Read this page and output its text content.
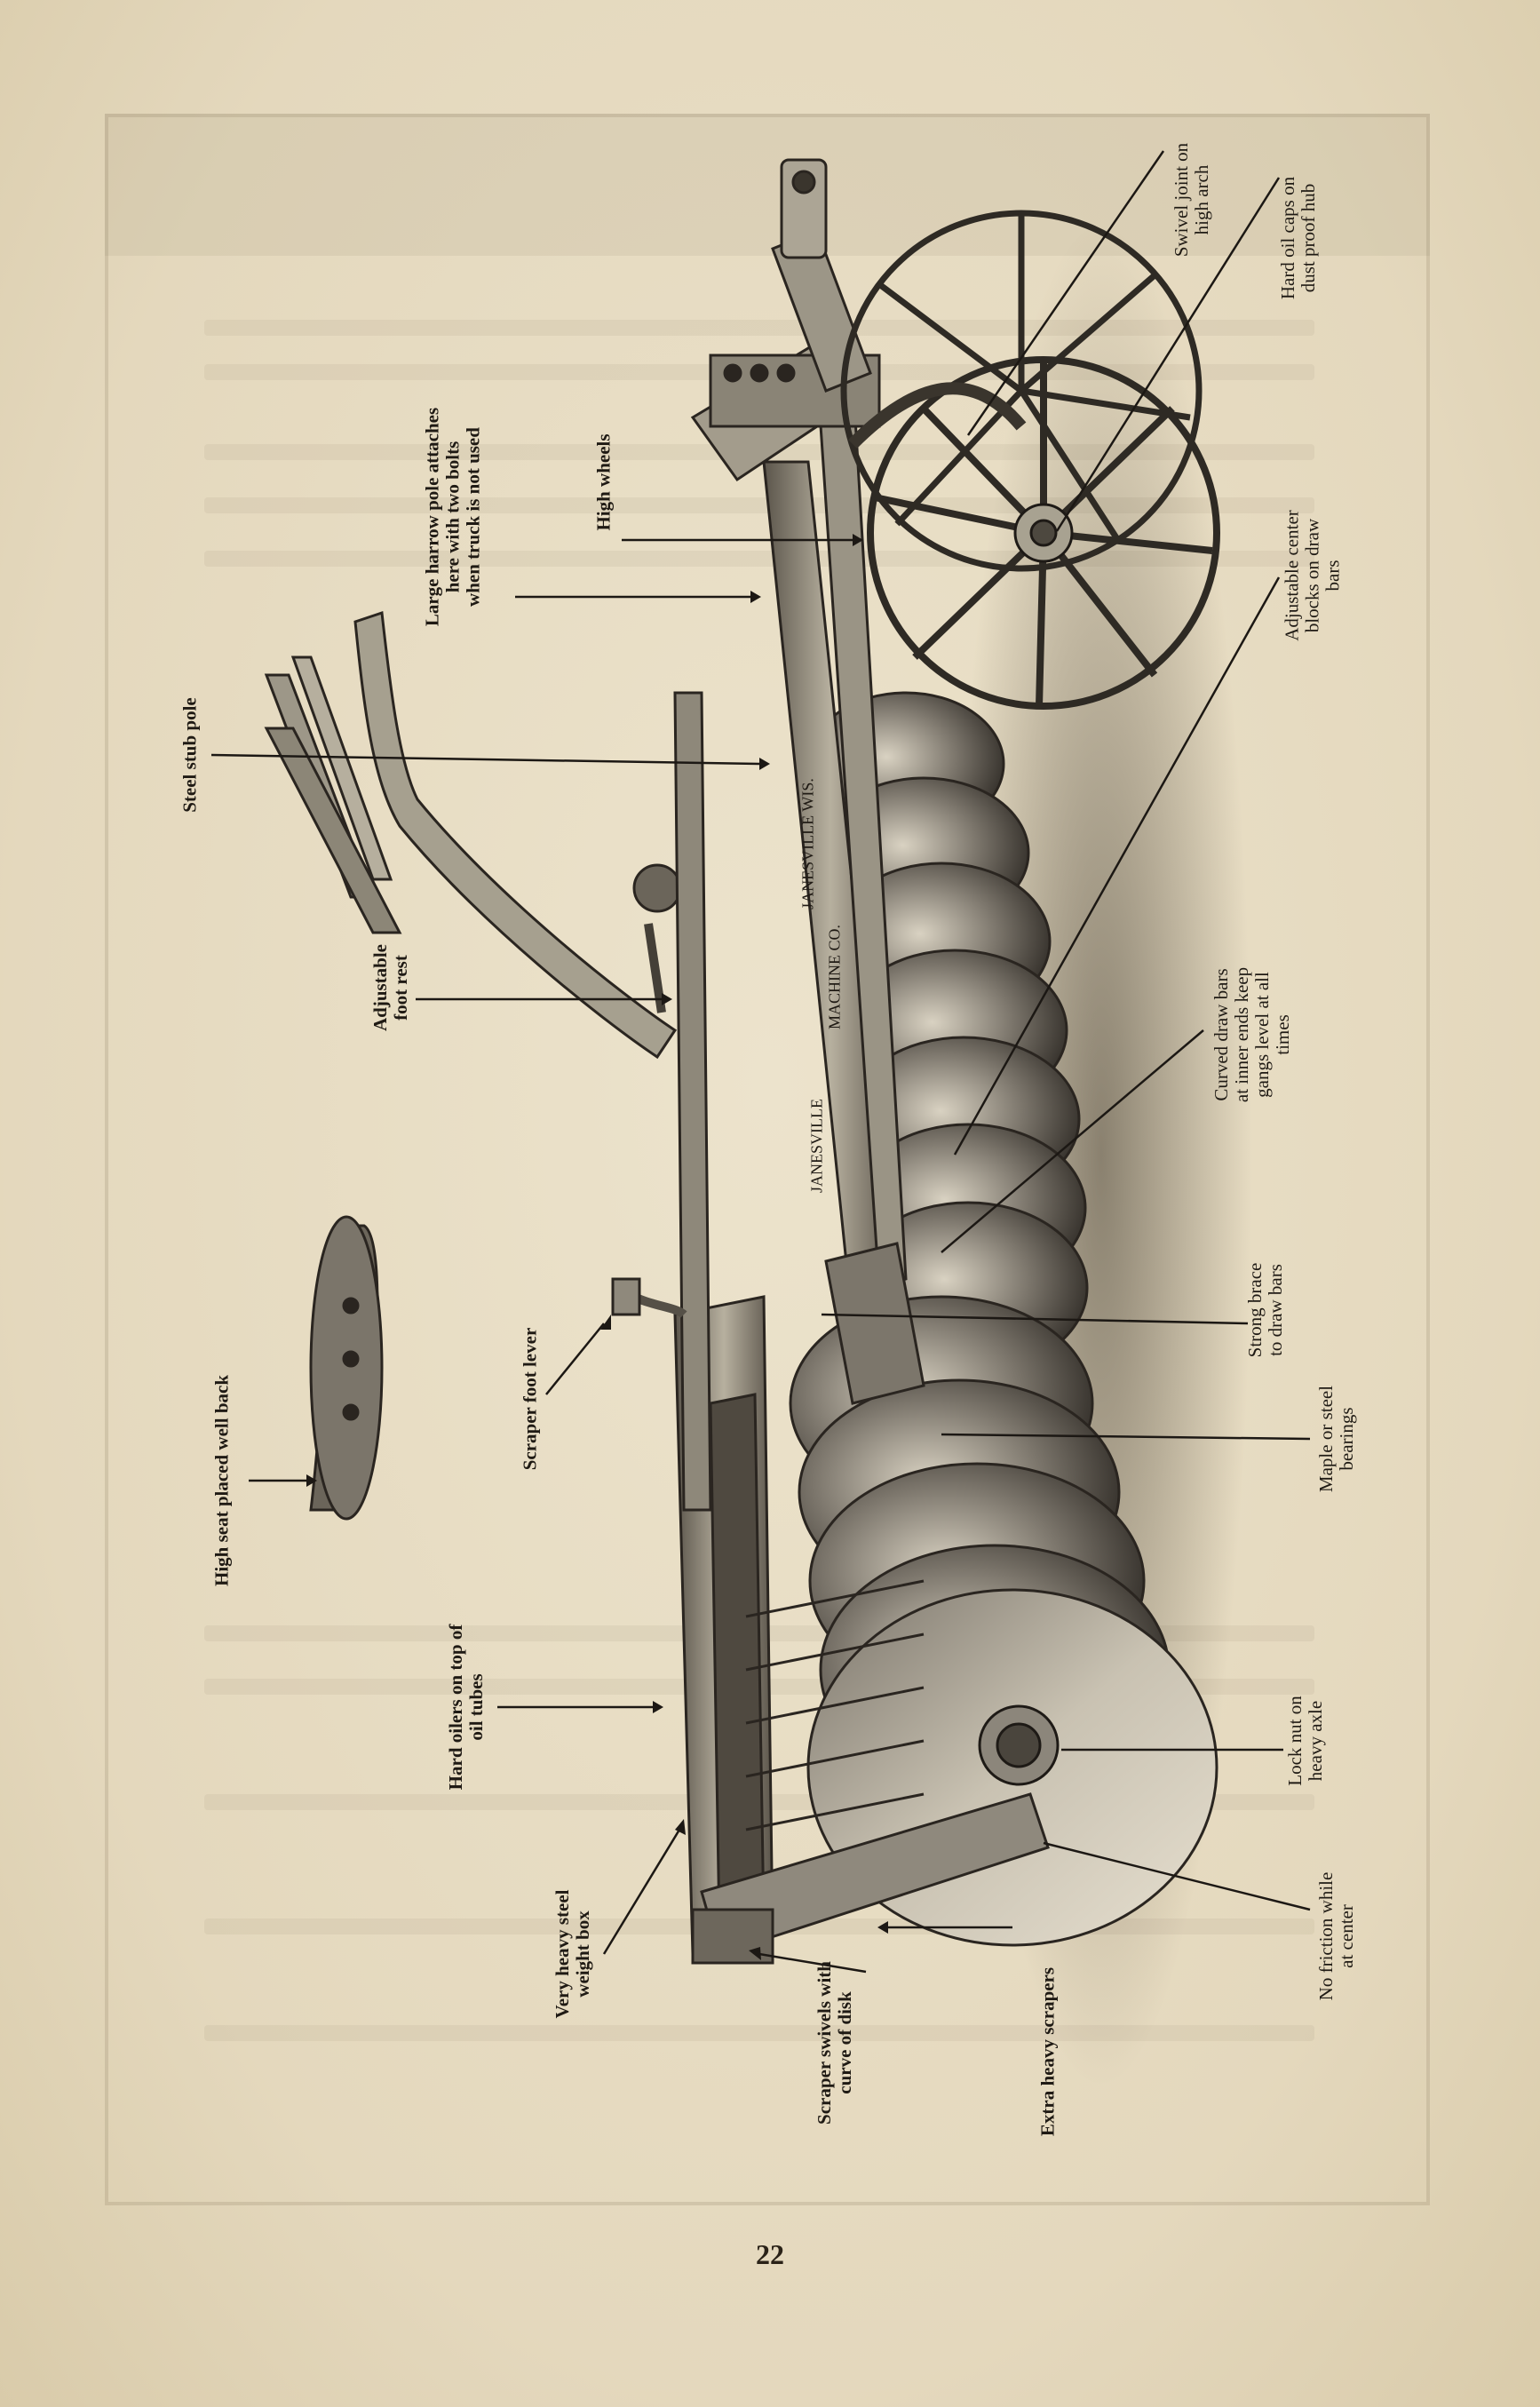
High seat placed well back
Hard oilers on top of
oil tubes
Very heavy steel
weight box
Scraper swivels with
curve of disk	Extra heavy scrapers
Scraper foot lever
Adjustable
foot rest
Steel stub pole
Large harrow pole attaches
here with two bolts
when truck is not used	High wheels
Swivel joint on
high arch
Hard oil caps on
dust proof hub
Adjustable center
blocks on draw
bars
Curved draw bars
at inner ends keep
gangs level at all
times
Strong brace
to draw bars
Maple or steel
bearings
Lock nut on
heavy axle
No friction while
at center
JANESVILLE
MACHINE CO.
JANESVILLE WIS.
22
